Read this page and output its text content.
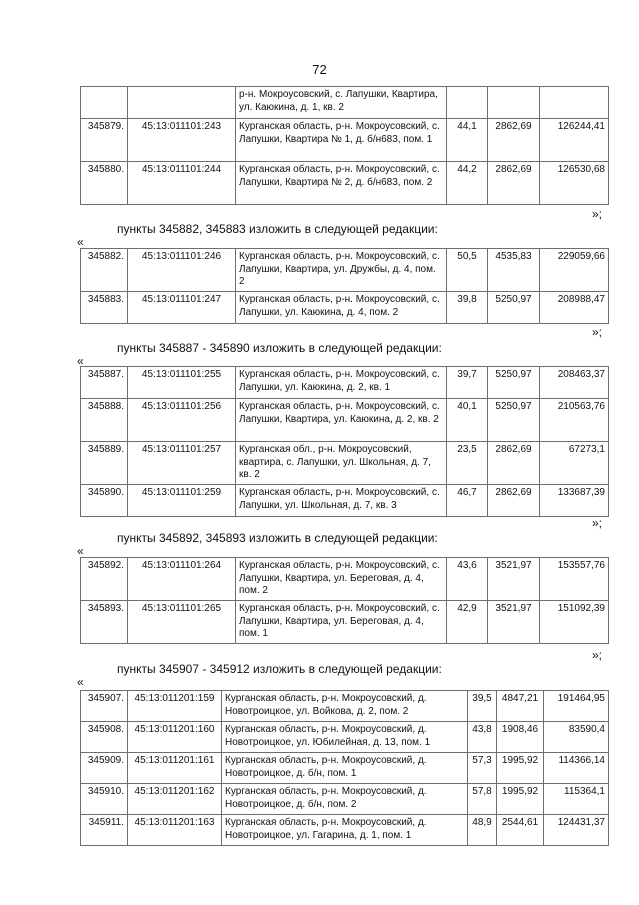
72
		р-н. Мокроусовский, с. Лапушки, Квартира, ул. Каюкина, д. 1, кв. 2			
345879.	45:13:011101:243	Курганская область, р-н. Мокроусовский, с. Лапушки, Квартира № 1, д. б/н683, пом. 1	44,1	2862,69	126244,41
345880.	45:13:011101:244	Курганская область, р-н. Мокроусовский, с. Лапушки, Квартира № 2, д. б/н683, пом. 2	44,2	2862,69	126530,68
»;
пункты 345882, 345883 изложить в следующей редакции:
«
345882.	45:13:011101:246	Курганская область, р-н. Мокроусовский, с. Лапушки, Квартира, ул. Дружбы, д. 4, пом. 2	50,5	4535,83	229059,66
345883.	45:13:011101:247	Курганская область, р-н. Мокроусовский, с. Лапушки, ул. Каюкина, д. 4, пом. 2	39,8	5250,97	208988,47
»;
пункты 345887 - 345890 изложить в следующей редакции:
«
345887.	45:13:011101:255	Курганская область, р-н. Мокроусовский, с. Лапушки, ул. Каюкина, д. 2, кв. 1	39,7	5250,97	208463,37
345888.	45:13:011101:256	Курганская область, р-н. Мокроусовский, с. Лапушки, Квартира, ул. Каюкина, д. 2, кв. 2	40,1	5250,97	210563,76
345889.	45:13:011101:257	Курганская обл., р-н. Мокроусовский, квартира, с. Лапушки, ул. Школьная, д. 7, кв. 2	23,5	2862,69	67273,1
345890.	45:13:011101:259	Курганская область, р-н. Мокроусовский, с. Лапушки, ул. Школьная, д. 7, кв. 3	46,7	2862,69	133687,39
»;
пункты 345892, 345893 изложить в следующей редакции:
«
345892.	45:13:011101:264	Курганская область, р-н. Мокроусовский, с. Лапушки, Квартира, ул. Береговая, д. 4, пом. 2	43,6	3521,97	153557,76
345893.	45:13:011101:265	Курганская область, р-н. Мокроусовский, с. Лапушки, Квартира, ул. Береговая, д. 4, пом. 1	42,9	3521,97	151092,39
»;
пункты 345907 - 345912 изложить в следующей редакции:
«
345907.	45:13:011201:159	Курганская область, р-н. Мокроусовский, д. Новотроицкое, ул. Войкова, д. 2, пом. 2	39,5	4847,21	191464,95
345908.	45:13:011201:160	Курганская область, р-н. Мокроусовский, д. Новотроицкое, ул. Юбилейная, д. 13, пом. 1	43,8	1908,46	83590,4
345909.	45:13:011201:161	Курганская область, р-н. Мокроусовский, д. Новотроицкое, д. б/н, пом. 1	57,3	1995,92	114366,14
345910.	45:13:011201:162	Курганская область, р-н. Мокроусовский, д. Новотроицкое, д. б/н, пом. 2	57,8	1995,92	115364,1
345911.	45:13:011201:163	Курганская область, р-н. Мокроусовский, д. Новотроицкое, ул. Гагарина, д. 1, пом. 1	48,9	2544,61	124431,37
